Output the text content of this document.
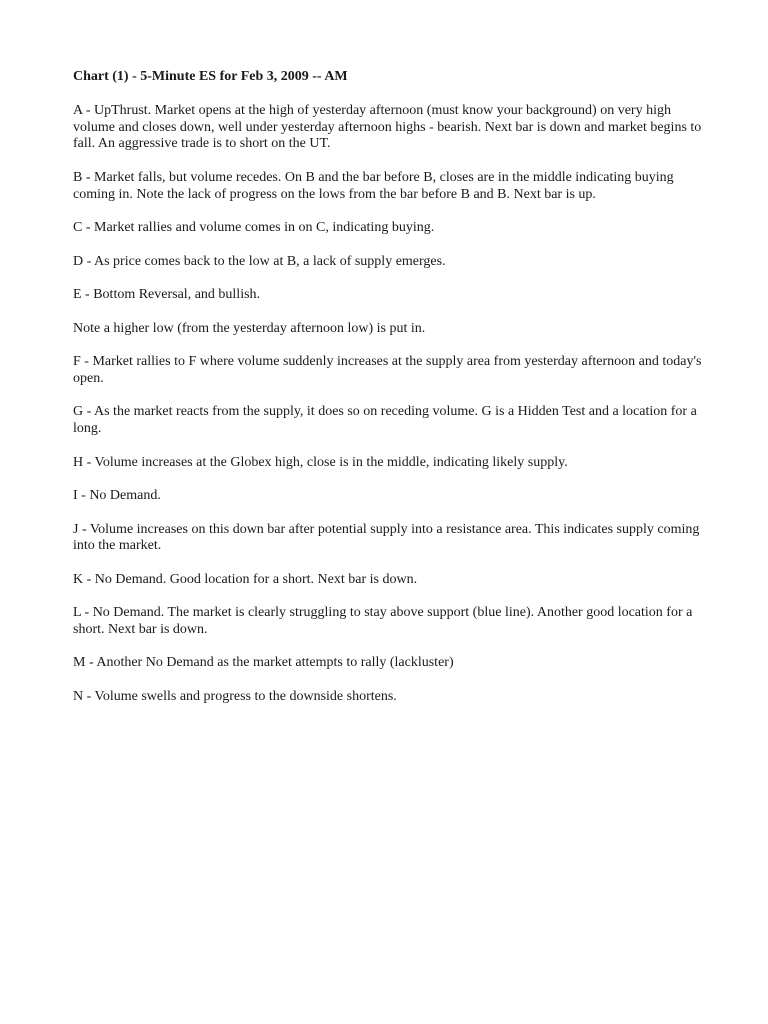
Chart (1) - 5-Minute ES for Feb 3, 2009 -- AM

A - UpThrust. Market opens at the high of yesterday afternoon (must know your background) on very high volume and closes down, well under yesterday afternoon highs - bearish. Next bar is down and market begins to fall. An aggressive trade is to short on the UT.

B - Market falls, but volume recedes. On B and the bar before B, closes are in the middle indicating buying coming in. Note the lack of progress on the lows from the bar before B and B. Next bar is up.

C - Market rallies and volume comes in on C, indicating buying.

D - As price comes back to the low at B, a lack of supply emerges.

E - Bottom Reversal, and bullish.

Note a higher low (from the yesterday afternoon low) is put in.

F - Market rallies to F where volume suddenly increases at the supply area from yesterday afternoon and today's open.

G - As the market reacts from the supply, it does so on receding volume. G is a Hidden Test and a location for a long.

H - Volume increases at the Globex high, close is in the middle, indicating likely supply.

I - No Demand.

J - Volume increases on this down bar after potential supply into a resistance area. This indicates supply coming into the market.

K - No Demand. Good location for a short. Next bar is down.

L - No Demand. The market is clearly struggling to stay above support (blue line). Another good location for a short. Next bar is down.

M - Another No Demand as the market attempts to rally (lackluster)

N - Volume swells and progress to the downside shortens.
